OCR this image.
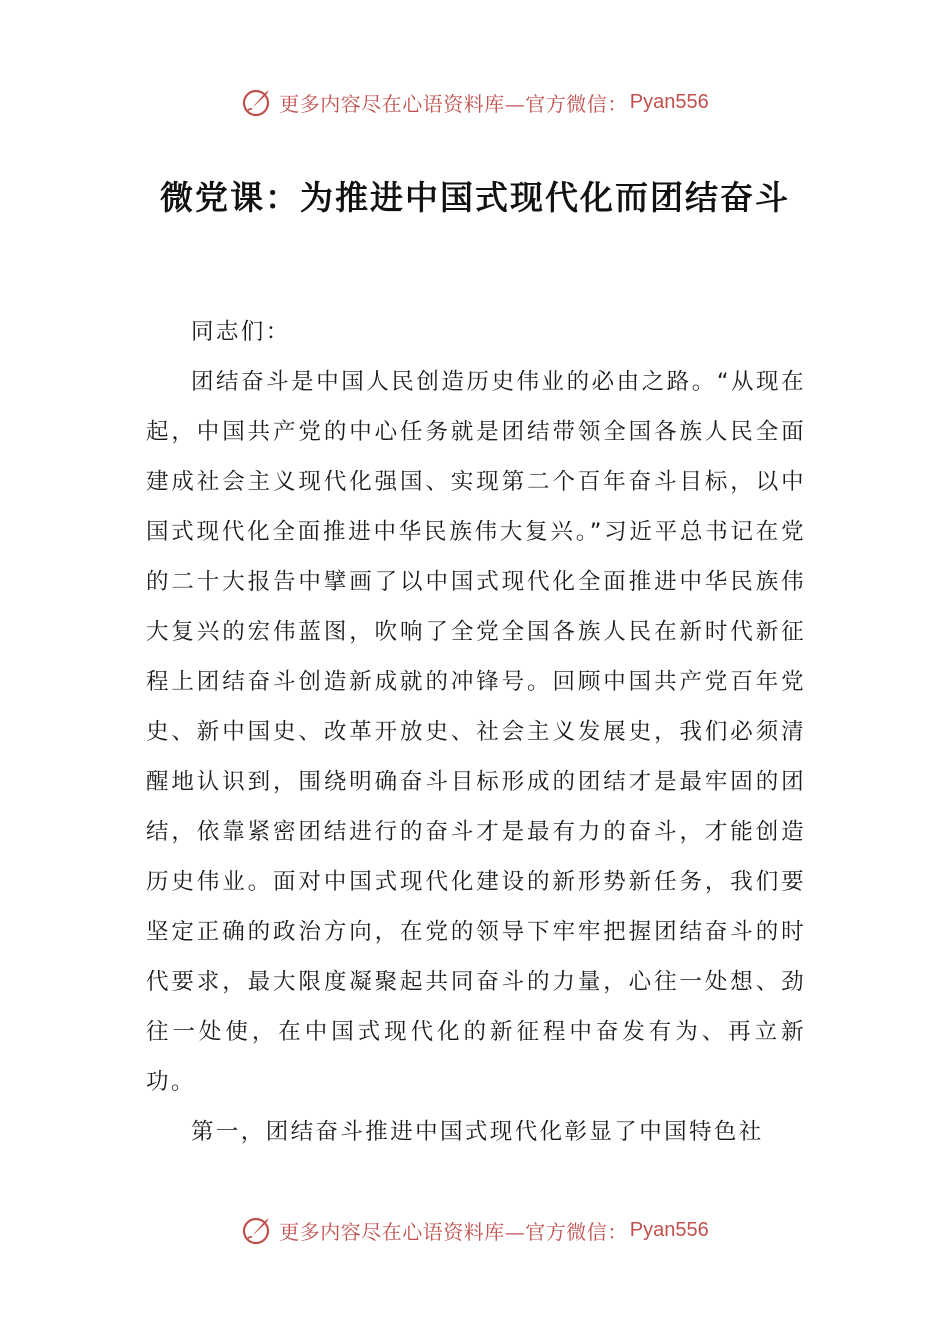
更多内容尽在心语资料库—官方微信： Pyan556
微党课：为推进中国式现代化而团结奋斗

同志们：

团结奋斗是中国人民创造历史伟业的必由之路。“从现在起，中国共产党的中心任务就是团结带领全国各族人民全面建成社会主义现代化强国、实现第二个百年奋斗目标，以中国式现代化全面推进中华民族伟大复兴。”习近平总书记在党的二十大报告中擘画了以中国式现代化全面推进中华民族伟大复兴的宏伟蓝图，吹响了全党全国各族人民在新时代新征程上团结奋斗创造新成就的冲锋号。回顾中国共产党百年党史、新中国史、改革开放史、社会主义发展史，我们必须清醒地认识到，围绕明确奋斗目标形成的团结才是最牢固的团结，依靠紧密团结进行的奋斗才是最有力的奋斗，才能创造历史伟业。面对中国式现代化建设的新形势新任务，我们要坚定正确的政治方向，在党的领导下牢牢把握团结奋斗的时代要求，最大限度凝聚起共同奋斗的力量，心往一处想、劲往一处使，在中国式现代化的新征程中奋发有为、再立新功。

第一，团结奋斗推进中国式现代化彰显了中国特色社

更多内容尽在心语资料库—官方微信： Pyan556
